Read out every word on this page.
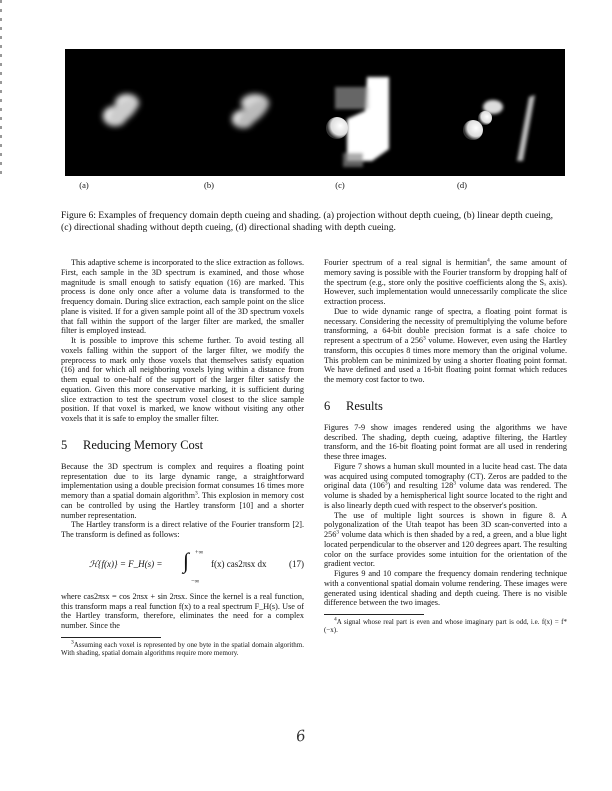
(a)	(b)	(c)	(d)
Figure 6: Examples of frequency domain depth cueing and shading. (a) projection without depth cueing, (b) linear depth cueing, (c) directional shading without depth cueing, (d) directional shading with depth cueing.

This adaptive scheme is incorporated to the slice extraction as follows. First, each sample in the 3D spectrum is examined, and those whose magnitude is small enough to satisfy equation (16) are marked. This process is done only once after a volume data is transformed to the frequency domain. During slice extraction, each sample point on the slice plane is visited. If for a given sample point all of the 3D spectrum voxels that fall within the support of the larger filter are marked, the smaller filter is employed instead.

It is possible to improve this scheme further. To avoid testing all voxels falling within the support of the larger filter, we modify the preprocess to mark only those voxels that themselves satisfy equation (16) and for which all neighboring voxels lying within a distance from them equal to one-half of the support of the larger filter satisfy the equation. Given this more conservative marking, it is sufficient during slice extraction to test the spectrum voxel closest to the slice sample position. If that voxel is marked, we know without visiting any other voxels that it is safe to employ the smaller filter.

5 Reducing Memory Cost

Because the 3D spectrum is complex and requires a floating point representation due to its large dynamic range, a straightforward implementation using a double precision format consumes 16 times more memory than a spatial domain algorithm$^3$. This explosion in memory cost can be controlled by using the Hartley transform [10] and a shorter number representation.

The Hartley transform is a direct relative of the Fourier transform [2]. The transform is defined as follows:

ℋ{f(x)} = F_H(s) = ∫ +∞
−∞
f(x) cas2πsx dx (17)

where cas2πsx = cos 2πsx + sin 2πsx. Since the kernel is a real function, this transform maps a real function f(x) to a real spectrum F_H(s). Use of the Hartley transform, therefore, eliminates the need for a complex number. Since the

$^3$Assuming each voxel is represented by one byte in the spatial domain algorithm. With shading, spatial domain algorithms require more memory.

Fourier spectrum of a real signal is hermitian$^4$, the same amount of memory saving is possible with the Fourier transform by dropping half of the spectrum (e.g., store only the positive coefficients along the Sₓ axis). However, such implementation would unnecessarily complicate the slice extraction process.

Due to wide dynamic range of spectra, a floating point format is necessary. Considering the necessity of premultiplying the volume before transforming, a 64-bit double precision format is a safe choice to represent a spectrum of a $256^3$ volume. However, even using the Hartley transform, this occupies 8 times more memory than the original volume. This problem can be minimized by using a shorter floating point format. We have defined and used a 16-bit floating point format which reduces the memory cost factor to two.

6 Results

Figures 7-9 show images rendered using the algorithms we have described. The shading, depth cueing, adaptive filtering, the Hartley transform, and the 16-bit floating point format are all used in rendering these three images.

Figure 7 shows a human skull mounted in a lucite head cast. The data was acquired using computed tomography (CT). Zeros are padded to the original data $(106^3)$ and resulting $128^3$ volume data was rendered. The volume is shaded by a hemispherical light source located to the right and is also linearly depth cued with respect to the observer's position.

The use of multiple light sources is shown in figure 8. A polygonalization of the Utah teapot has been 3D scan-converted into a $256^3$ volume data which is then shaded by a red, a green, and a blue light located perpendicular to the observer and 120 degrees apart. The resulting color on the surface provides some intuition for the orientation of the gradient vector.

Figures 9 and 10 compare the frequency domain rendering technique with a conventional spatial domain volume rendering. These images were generated using identical shading and depth cueing. There is no visible difference between the two images.

$^4$A signal whose real part is even and whose imaginary part is odd, i.e. f(x) = f*(−x).

6
